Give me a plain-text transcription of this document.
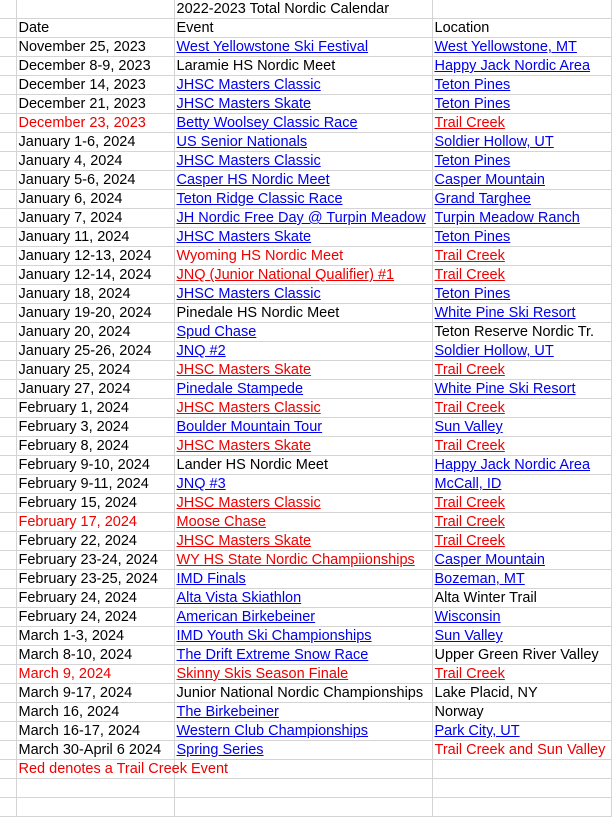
		2022-2023 Total Nordic Calendar	
	Date	Event	Location
	November 25, 2023	West Yellowstone Ski Festival	West Yellowstone, MT
	December 8-9, 2023	Laramie HS Nordic Meet	Happy Jack Nordic Area
	December 14, 2023	JHSC Masters Classic	Teton Pines
	December 21, 2023	JHSC Masters Skate	Teton Pines
	December 23, 2023	Betty Woolsey Classic Race	Trail Creek
	January 1-6, 2024	US Senior Nationals	Soldier Hollow, UT
	January 4, 2024	JHSC Masters Classic	Teton Pines
	January 5-6, 2024	Casper HS Nordic Meet	Casper Mountain
	January 6, 2024	Teton Ridge Classic Race	Grand Targhee
	January 7, 2024	JH Nordic Free Day @ Turpin Meadow	Turpin Meadow Ranch
	January 11, 2024	JHSC Masters Skate	Teton Pines
	January 12-13, 2024	Wyoming HS Nordic Meet	Trail Creek
	January 12-14, 2024	JNQ (Junior National Qualifier) #1	Trail Creek
	January 18, 2024	JHSC Masters Classic	Teton Pines
	January 19-20, 2024	Pinedale HS Nordic Meet	White Pine Ski Resort
	January 20, 2024	Spud Chase	Teton Reserve Nordic Tr.
	January 25-26, 2024	JNQ #2	Soldier Hollow, UT
	January 25, 2024	JHSC Masters Skate	Trail Creek
	January 27, 2024	Pinedale Stampede	White Pine Ski Resort
	February 1, 2024	JHSC Masters Classic	Trail Creek
	February 3, 2024	Boulder Mountain Tour	Sun Valley
	February 8, 2024	JHSC Masters Skate	Trail Creek
	February 9-10, 2024	Lander HS Nordic Meet	Happy Jack Nordic Area
	February 9-11, 2024	JNQ #3	McCall, ID
	February 15, 2024	JHSC Masters Classic	Trail Creek
	February 17, 2024	Moose Chase	Trail Creek
	February 22, 2024	JHSC Masters Skate	Trail Creek
	February 23-24, 2024	WY HS State Nordic Champiionships	Casper Mountain
	February 23-25, 2024	IMD Finals	Bozeman, MT
	February 24, 2024	Alta Vista Skiathlon	Alta Winter Trail
	February 24, 2024	American Birkebeiner	Wisconsin
	March 1-3, 2024	IMD Youth Ski Championships	Sun Valley
	March 8-10, 2024	The Drift Extreme Snow Race	Upper Green River Valley
	March 9, 2024	Skinny Skis Season Finale	Trail Creek
	March 9-17, 2024	Junior National Nordic Championships	Lake Placid, NY
	March 16, 2024	The Birkebeiner	Norway
	March 16-17, 2024	Western Club Championships	Park City, UT
	March 30-April 6 2024	Spring Series	Trail Creek and Sun Valley
	Red denotes a Trail Creek Event		
